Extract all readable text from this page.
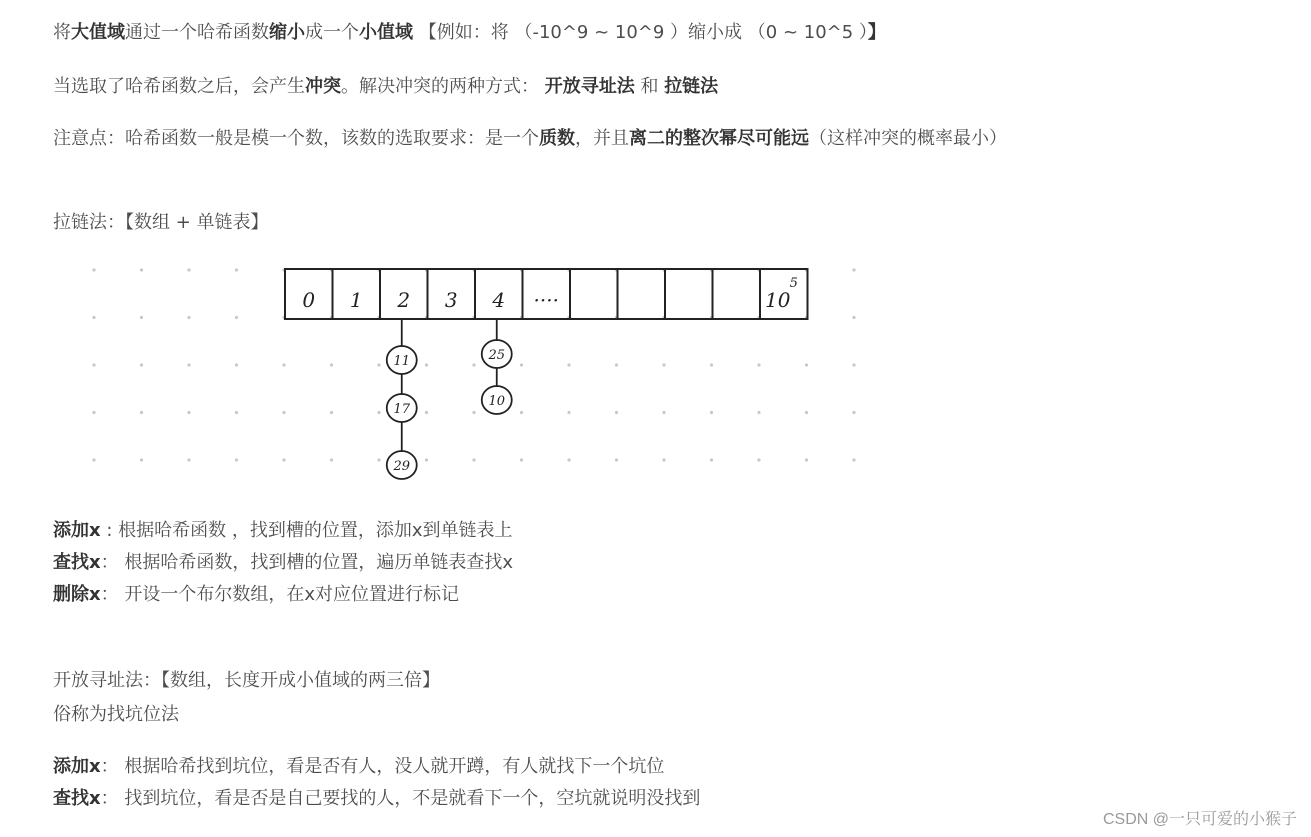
将大值域通过一个哈希函数缩小成一个小值域 【例如：将 （-10^9 ~ 10^9 ）缩小成 （0 ~ 10^5 ）】
当选取了哈希函数之后，会产生冲突。解决冲突的两种方式： 开放寻址法 和 拉链法
注意点：哈希函数一般是模一个数，该数的选取要求：是一个质数，并且离二的整次幂尽可能远（这样冲突的概率最小）
拉链法：【数组 + 单链表】
0 1 2 3 4 ····	10
5
11
17
29
25
10
添加x : 根据哈希函数 ，找到槽的位置，添加x到单链表上
查找x： 根据哈希函数，找到槽的位置，遍历单链表查找x
删除x： 开设一个布尔数组，在x对应位置进行标记
开放寻址法：【数组，长度开成小值域的两三倍】
俗称为找坑位法
添加x： 根据哈希找到坑位，看是否有人，没人就开蹲，有人就找下一个坑位
查找x： 找到坑位，看是否是自己要找的人，不是就看下一个，空坑就说明没找到
CSDN @一只可爱的小猴子
